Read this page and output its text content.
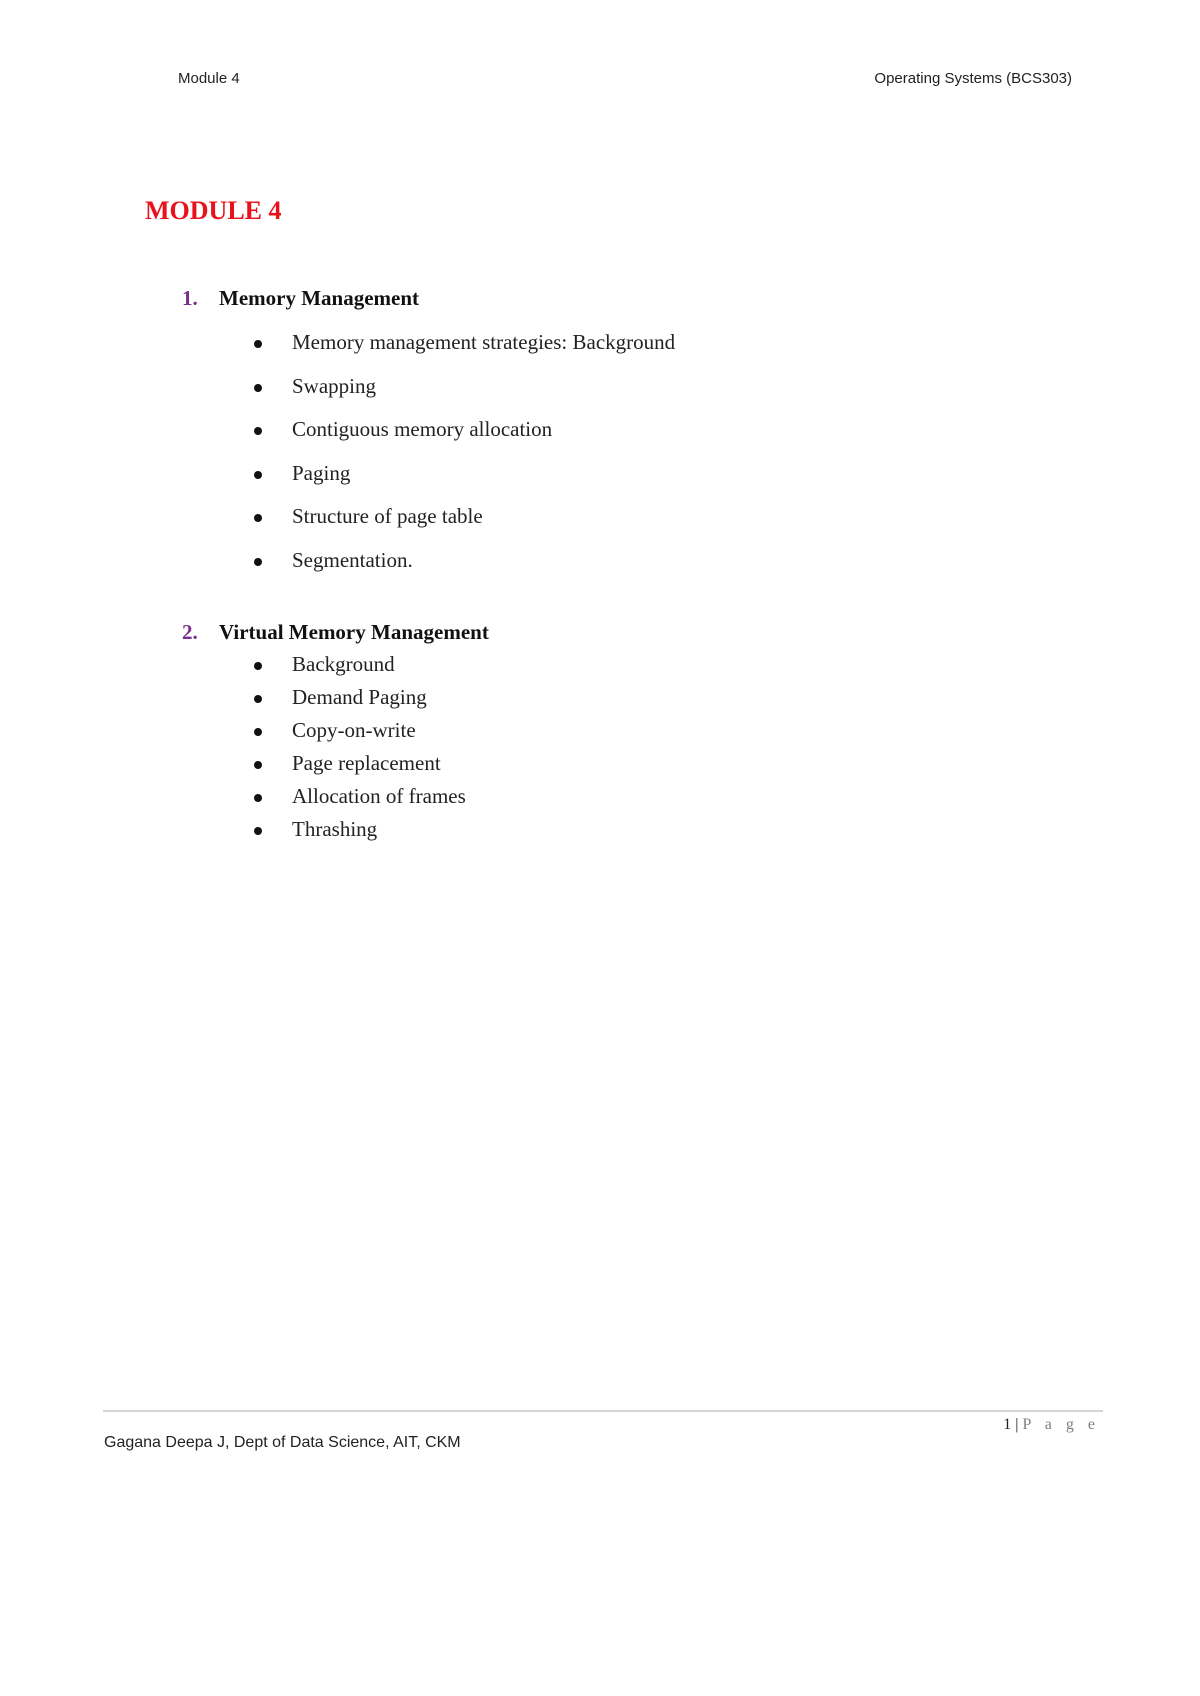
Module 4	Operating Systems (BCS303)
MODULE 4
1. Memory Management
Memory management strategies: Background
Swapping
Contiguous memory allocation
Paging
Structure of page table
Segmentation.
2. Virtual Memory Management
Background
Demand Paging
Copy-on-write
Page replacement
Allocation of frames
Thrashing
1 | P a g e
Gagana Deepa J, Dept of Data Science, AIT, CKM
